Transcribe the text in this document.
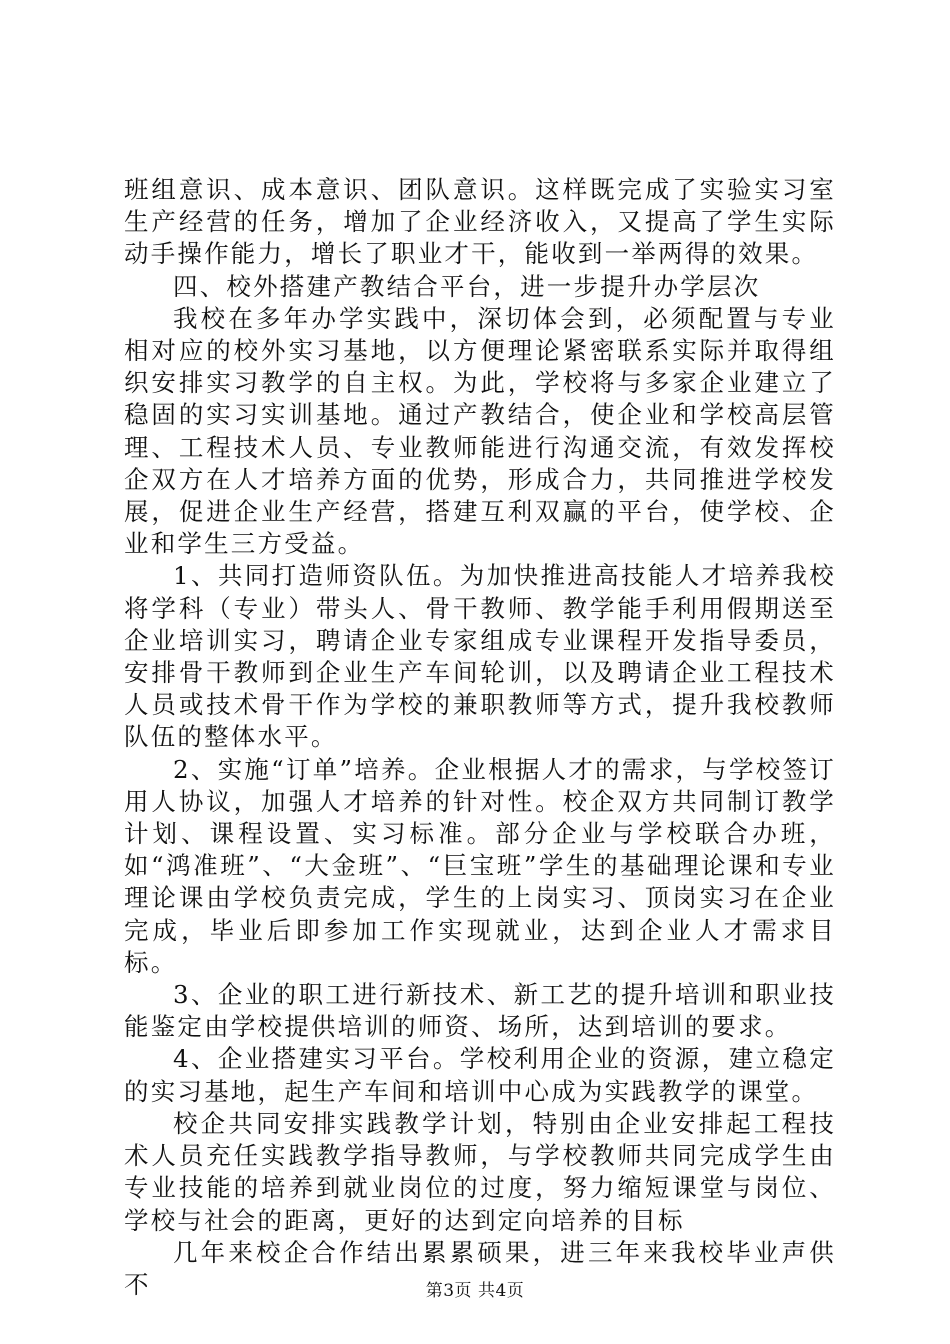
班组意识、成本意识、团队意识。这样既完成了实验实习室生产经营的任务，增加了企业经济收入，又提高了学生实际动手操作能力，增长了职业才干，能收到一举两得的效果。

四、校外搭建产教结合平台，进一步提升办学层次

我校在多年办学实践中，深切体会到，必须配置与专业相对应的校外实习基地，以方便理论紧密联系实际并取得组织安排实习教学的自主权。为此，学校将与多家企业建立了稳固的实习实训基地。通过产教结合，使企业和学校高层管理、工程技术人员、专业教师能进行沟通交流，有效发挥校企双方在人才培养方面的优势，形成合力，共同推进学校发展，促进企业生产经营，搭建互利双赢的平台，使学校、企业和学生三方受益。

1、共同打造师资队伍。为加快推进高技能人才培养我校将学科（专业）带头人、骨干教师、教学能手利用假期送至企业培训实习，聘请企业专家组成专业课程开发指导委员，安排骨干教师到企业生产车间轮训，以及聘请企业工程技术人员或技术骨干作为学校的兼职教师等方式，提升我校教师队伍的整体水平。

2、实施“订单”培养。企业根据人才的需求，与学校签订用人协议，加强人才培养的针对性。校企双方共同制订教学计划、课程设置、实习标准。部分企业与学校联合办班，如“鸿准班”、“大金班”、“巨宝班”学生的基础理论课和专业理论课由学校负责完成，学生的上岗实习、顶岗实习在企业完成，毕业后即参加工作实现就业，达到企业人才需求目标。

3、企业的职工进行新技术、新工艺的提升培训和职业技能鉴定由学校提供培训的师资、场所，达到培训的要求。

4、企业搭建实习平台。学校利用企业的资源，建立稳定的实习基地，起生产车间和培训中心成为实践教学的课堂。

校企共同安排实践教学计划，特别由企业安排起工程技术人员充任实践教学指导教师，与学校教师共同完成学生由专业技能的培养到就业岗位的过度，努力缩短课堂与岗位、学校与社会的距离，更好的达到定向培养的目标

几年来校企合作结出累累硕果，进三年来我校毕业声供不	第3页 共4页
